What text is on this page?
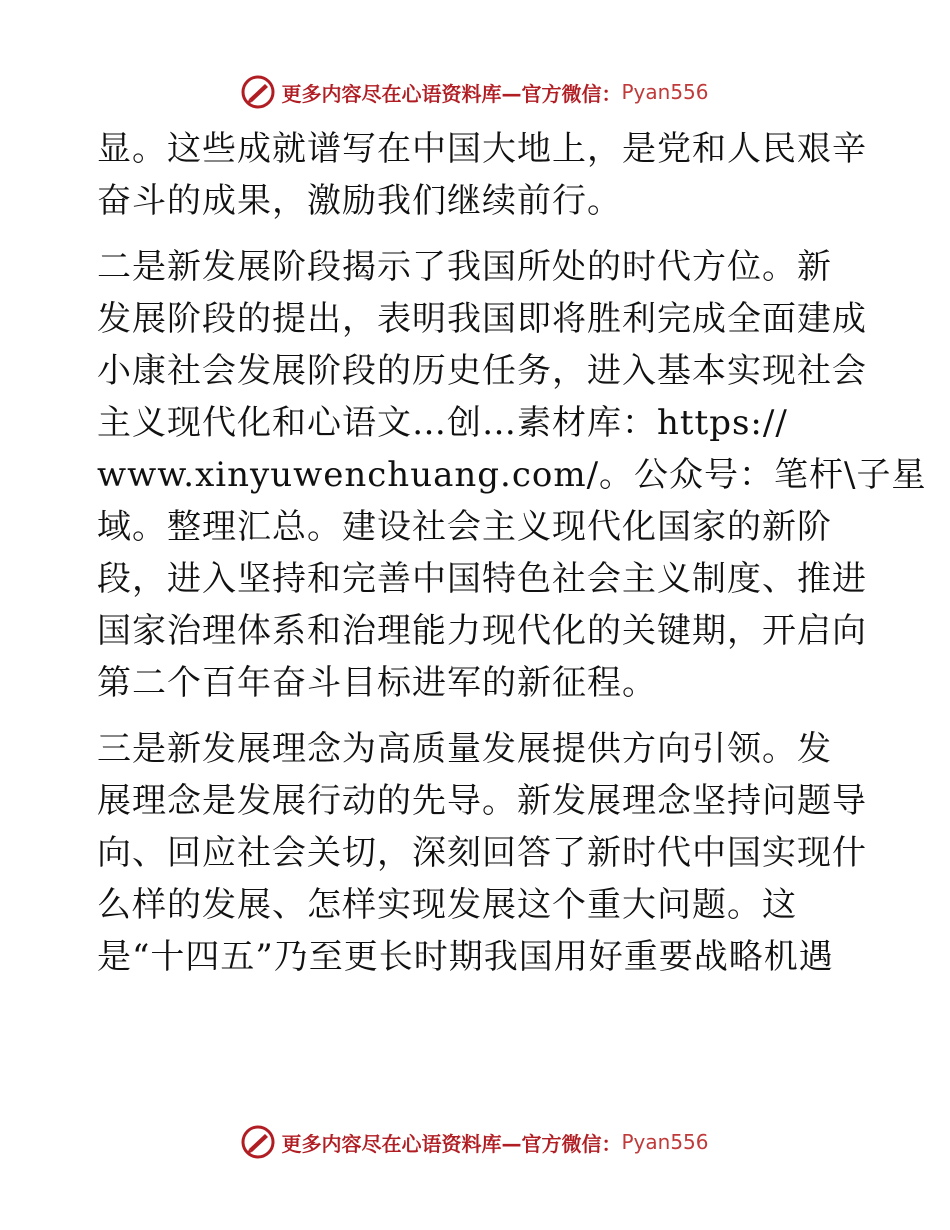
更多内容尽在心语资料库—官方微信： Pyan556
显。这些成就谱写在中国大地上，是党和人民艰辛
奋斗的成果，激励我们继续前行。
二是新发展阶段揭示了我国所处的时代方位。新
发展阶段的提出，表明我国即将胜利完成全面建成
小康社会发展阶段的历史任务，进入基本实现社会
主义现代化和心语文…创…素材库：https://
www.xinyuwenchuang.com/。公众号：笔杆\子星
域。整理汇总。建设社会主义现代化国家的新阶
段，进入坚持和完善中国特色社会主义制度、推进
国家治理体系和治理能力现代化的关键期，开启向
第二个百年奋斗目标进军的新征程。
三是新发展理念为高质量发展提供方向引领。发
展理念是发展行动的先导。新发展理念坚持问题导
向、回应社会关切，深刻回答了新时代中国实现什
么样的发展、怎样实现发展这个重大问题。这
是“十四五”乃至更长时期我国用好重要战略机遇
更多内容尽在心语资料库—官方微信： Pyan556
